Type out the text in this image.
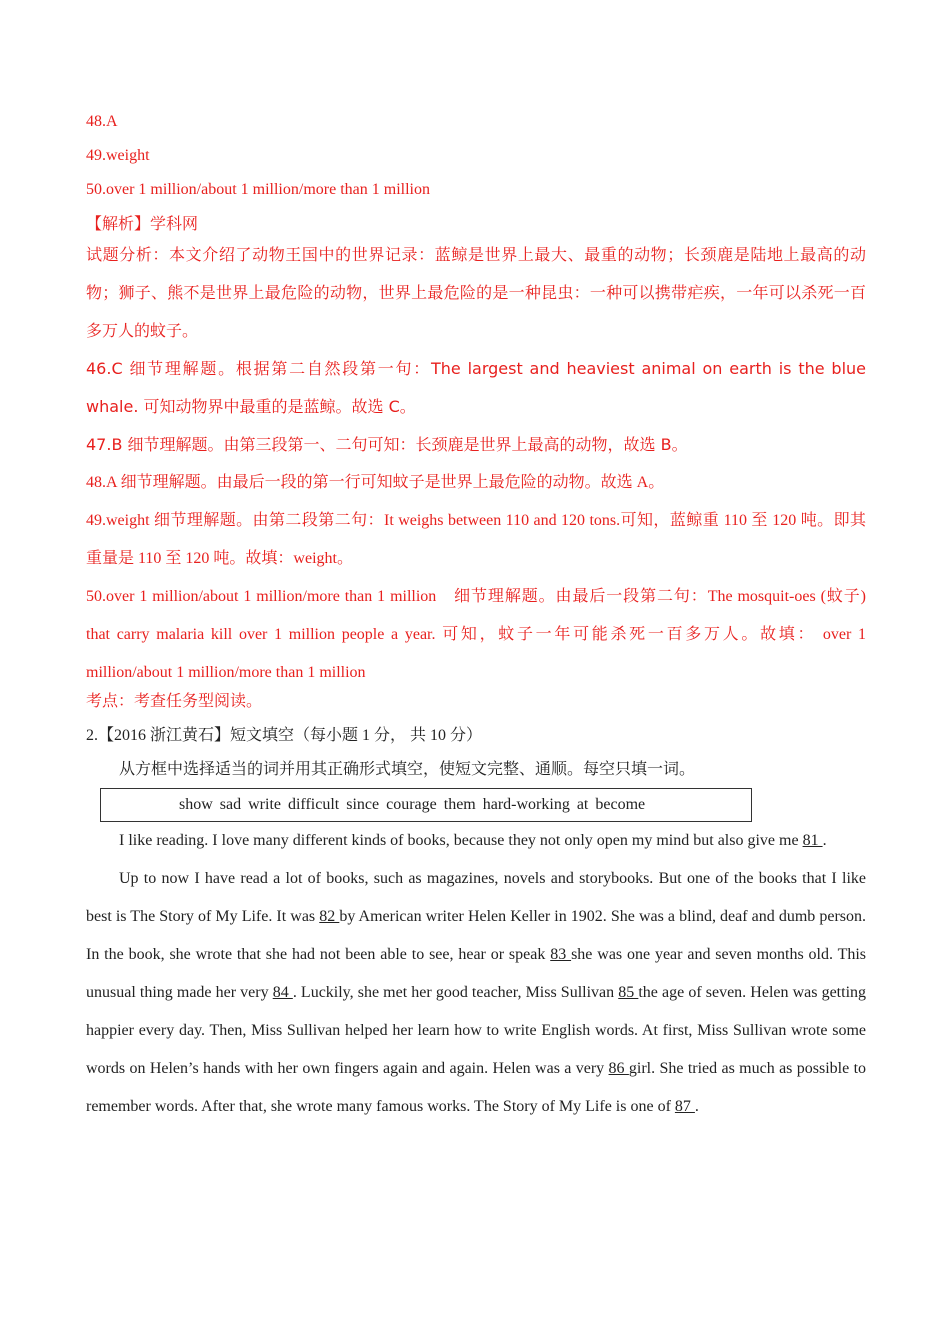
48.A
49.weight
50.over 1 million/about 1 million/more than 1 million
【解析】学科网
试题分析：本文介绍了动物王国中的世界记录：蓝鲸是世界上最大、最重的动物；长颈鹿是陆地上最高的动物；狮子、熊不是世界上最危险的动物，世界上最危险的是一种昆虫：一种可以携带疟疾，一年可以杀死一百多万人的蚊子。
46.C 细节理解题。根据第二自然段第一句：The largest and heaviest animal on earth is the blue whale. 可知动物界中最重的是蓝鲸。故选 C。
47.B 细节理解题。由第三段第一、二句可知：长颈鹿是世界上最高的动物，故选 B。
48.A 细节理解题。由最后一段的第一行可知蚊子是世界上最危险的动物。故选 A。
49.weight 细节理解题。由第二段第二句：It weighs between 110 and 120 tons.可知，蓝鲸重 110 至 120 吨。即其重量是 110 至 120 吨。故填：weight。
50.over 1 million/about 1 million/more than 1 million　细节理解题。由最后一段第二句：The mosquit-oes (蚊子) that carry malaria kill over 1 million people a year. 可知，蚊子一年可能杀死一百多万人。故填： over 1 million/about 1 million/more than 1 million
考点：考查任务型阅读。
2.【2016 浙江黄石】短文填空（每小题 1 分， 共 10 分）
从方框中选择适当的词并用其正确形式填空，使短文完整、通顺。每空只填一词。
show sad write difficult since courage them hard-working at become
I like reading. I love many different kinds of books, because they not only open my mind but also give me 81 .
Up to now I have read a lot of books, such as magazines, novels and storybooks. But one of the books that I like best is The Story of My Life. It was 82 by American writer Helen Keller in 1902. She was a blind, deaf and dumb person. In the book, she wrote that she had not been able to see, hear or speak 83 she was one year and seven months old. This unusual thing made her very 84 . Luckily, she met her good teacher, Miss Sullivan 85 the age of seven. Helen was getting happier every day. Then, Miss Sullivan helped her learn how to write English words. At first, Miss Sullivan wrote some words on Helen’s hands with her own fingers again and again. Helen was a very 86 girl. She tried as much as possible to remember words. After that, she wrote many famous works. The Story of My Life is one of 87 .
